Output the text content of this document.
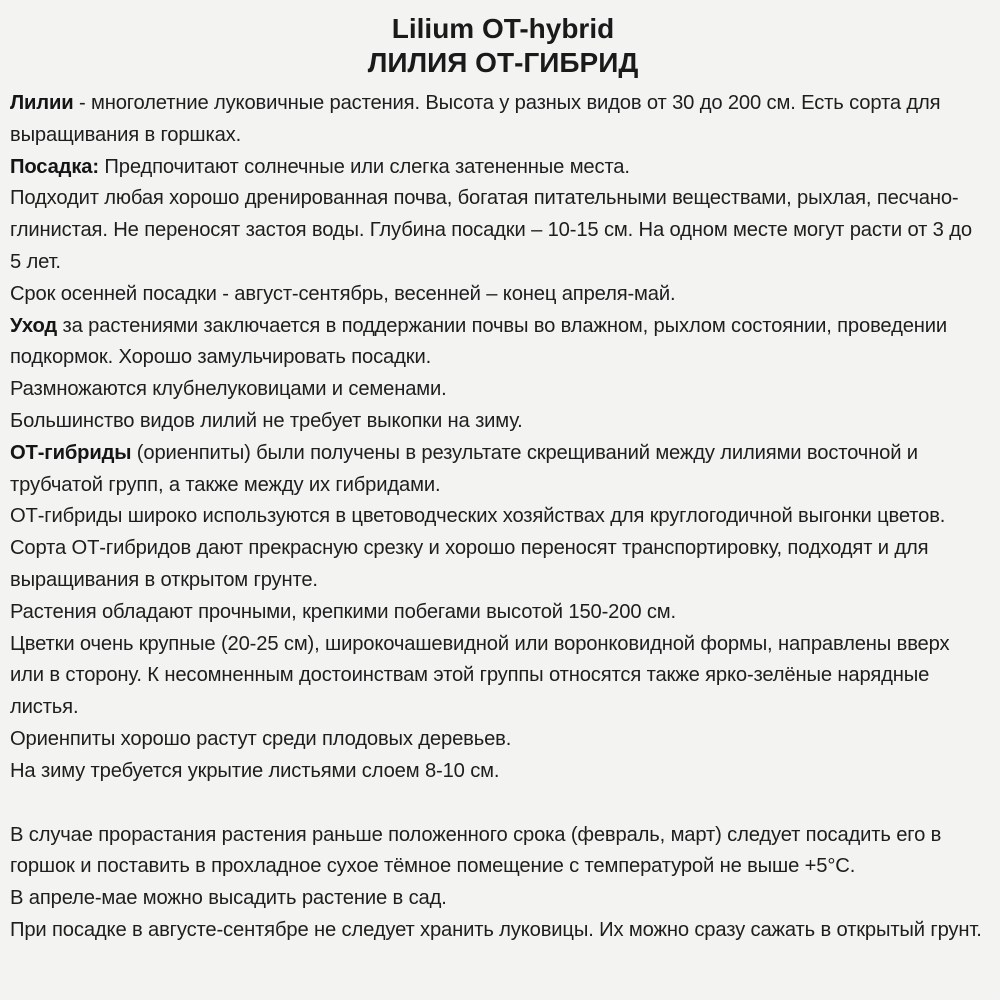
Lilium OT-hybrid
ЛИЛИЯ ОТ-ГИБРИД

Лилии - многолетние луковичные растения. Высота у разных видов от 30 до 200 см. Есть сорта для выращивания в горшках.

Посадка: Предпочитают солнечные или слегка затененные места.

Подходит любая хорошо дренированная почва, богатая питательными веществами, рыхлая, песчано-глинистая. Не переносят застоя воды. Глубина посадки – 10-15 см. На одном месте могут расти от 3 до 5 лет.

Срок осенней посадки - август-сентябрь, весенней – конец апреля-май.

Уход за растениями заключается в поддержании почвы во влажном, рыхлом состоянии, проведении подкормок. Хорошо замульчировать посадки.

Размножаются клубнелуковицами и семенами.

Большинство видов лилий не требует выкопки на зиму.

ОТ-гибриды (ориенпиты) были получены в результате скрещиваний между лилиями восточной и трубчатой групп, а также между их гибридами.

ОТ-гибриды широко используются в цветоводческих хозяйствах для круглогодичной выгонки цветов.

Сорта ОТ-гибридов дают прекрасную срезку и хорошо переносят транспортировку, подходят и для выращивания в открытом грунте.

Растения обладают прочными, крепкими побегами высотой 150-200 см.

Цветки очень крупные (20-25 см), широкочашевидной или воронковидной формы, направлены вверх или в сторону. К несомненным достоинствам этой группы относятся также ярко-зелёные нарядные листья.

Ориенпиты хорошо растут среди плодовых деревьев.

На зиму требуется укрытие листьями слоем 8-10 см.

В случае прорастания растения раньше положенного срока (февраль, март) следует посадить его в горшок и поставить в прохладное сухое тёмное помещение с температурой не выше +5°С.

В апреле-мае можно высадить растение в сад.

При посадке в августе-сентябре не следует хранить луковицы. Их можно сразу сажать в открытый грунт.
